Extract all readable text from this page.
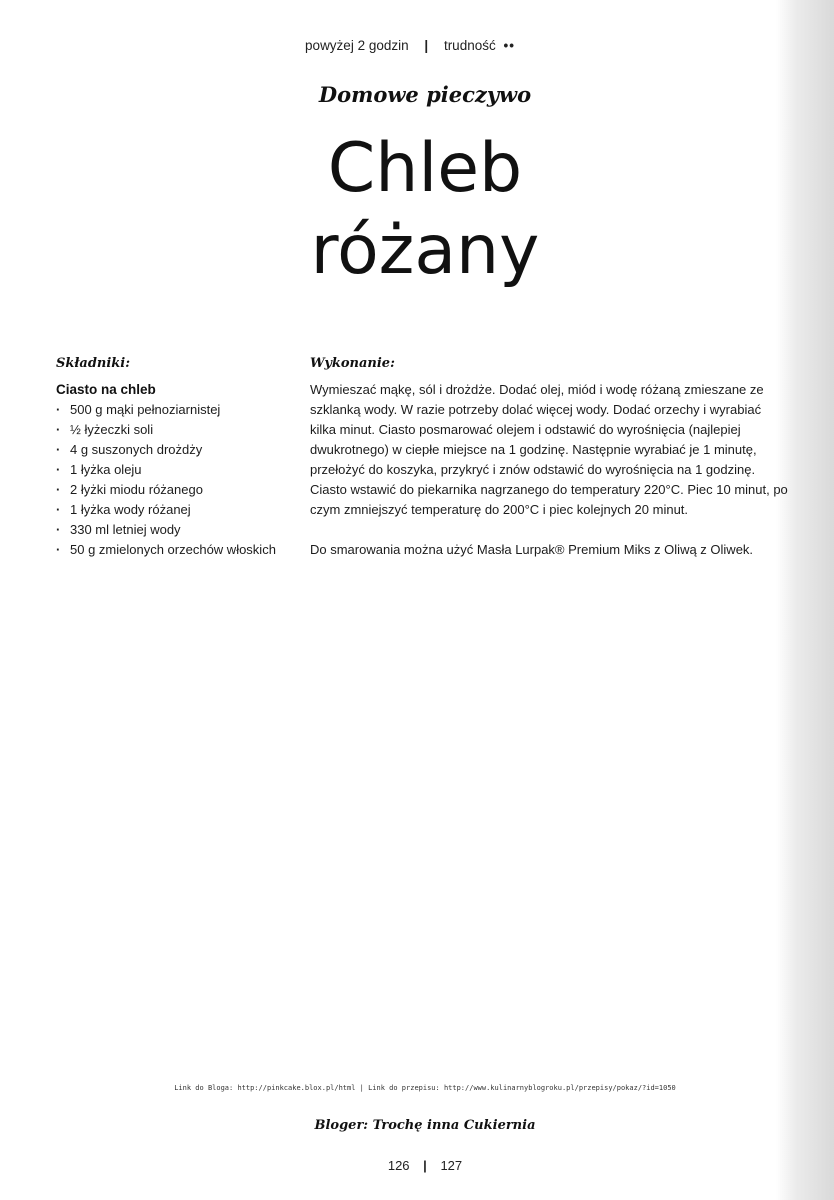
powyżej 2 godzin | trudność ••
Domowe pieczywo
Chleb
różany
Składniki:
Ciasto na chleb
· 500 g mąki pełnoziarnistej
· ½ łyżeczki soli
· 4 g suszonych drożdży
· 1 łyżka oleju
· 2 łyżki miodu różanego
· 1 łyżka wody różanej
· 330 ml letniej wody
· 50 g zmielonych orzechów włoskich
Wykonanie:

Wymieszać mąkę, sól i drożdże. Dodać olej, miód i wodę różaną zmieszane ze szklanką wody. W razie potrzeby dolać więcej wody. Dodać orzechy i wyrabiać kilka minut. Ciasto posmarować olejem i odstawić do wyrośnięcia (najlepiej dwukrotnego) w ciepłe miejsce na 1 godzinę. Następnie wyrabiać je 1 minutę, przełożyć do koszyka, przykryć i znów odstawić do wyrośnięcia na 1 godzinę. Ciasto wstawić do piekarnika nagrzanego do temperatury 220°C. Piec 10 minut, po czym zmniejszyć temperaturę do 200°C i piec kolejnych 20 minut.

Do smarowania można użyć Masła Lurpak® Premium Miks z Oliwą z Oliwek.

Link do Bloga: http://pinkcake.blox.pl/html | Link do przepisu: http://www.kulinarnyblogroku.pl/przepisy/pokaz/?id=1050
Bloger: Trochę inna Cukiernia
126 | 127
